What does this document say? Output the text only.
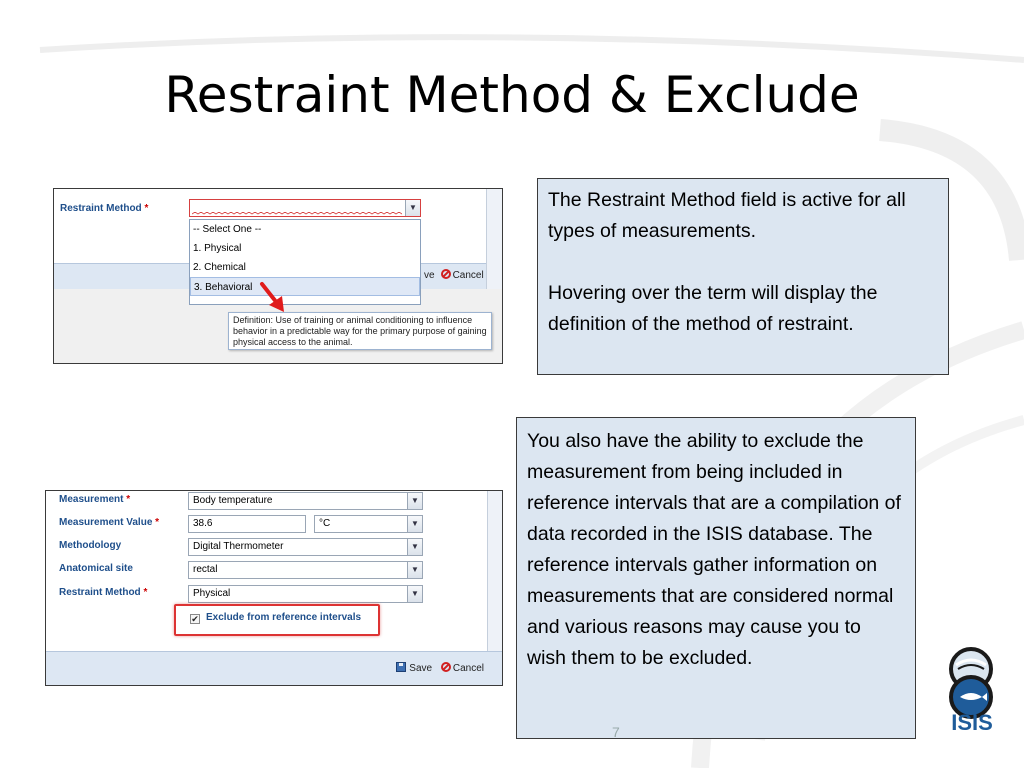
Restraint Method & Exclude
Restraint Method *	▼
-- Select One --
1. Physical
2. Chemical
3. Behavioral
ve Cancel
Definition: Use of training or animal conditioning to influence behavior in a predictable way for the primary purpose of gaining physical access to the animal.

The Restraint Method field is active for all types of measurements.

Hovering over the term will display the definition of the method of restraint.

You also have the ability to exclude the measurement from being included in reference intervals that are a compilation of data recorded in the ISIS database. The reference intervals gather information on measurements that are considered normal and various reasons may cause you to wish them to be excluded.

Measurement *	Body temperature	▼
Measurement Value *	38.6	°C	▼
Methodology	Digital Thermometer	▼
Anatomical site	rectal	▼
Restraint Method *	Physical	▼
✔ Exclude from reference intervals
Save Cancel
ISIS
7
